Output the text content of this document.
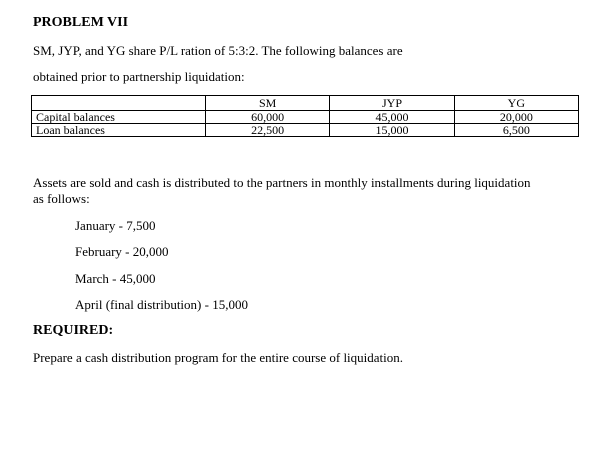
PROBLEM VII
SM, JYP, and YG share P/L ration of 5:3:2. The following balances are
obtained prior to partnership liquidation:
	SM	JYP	YG
Capital balances	60,000	45,000	20,000
Loan balances	22,500	15,000	6,500
Assets are sold and cash is distributed to the partners in monthly installments during liquidation
as follows:
January - 7,500
February - 20,000
March - 45,000
April (final distribution) - 15,000
REQUIRED:
Prepare a cash distribution program for the entire course of liquidation.
